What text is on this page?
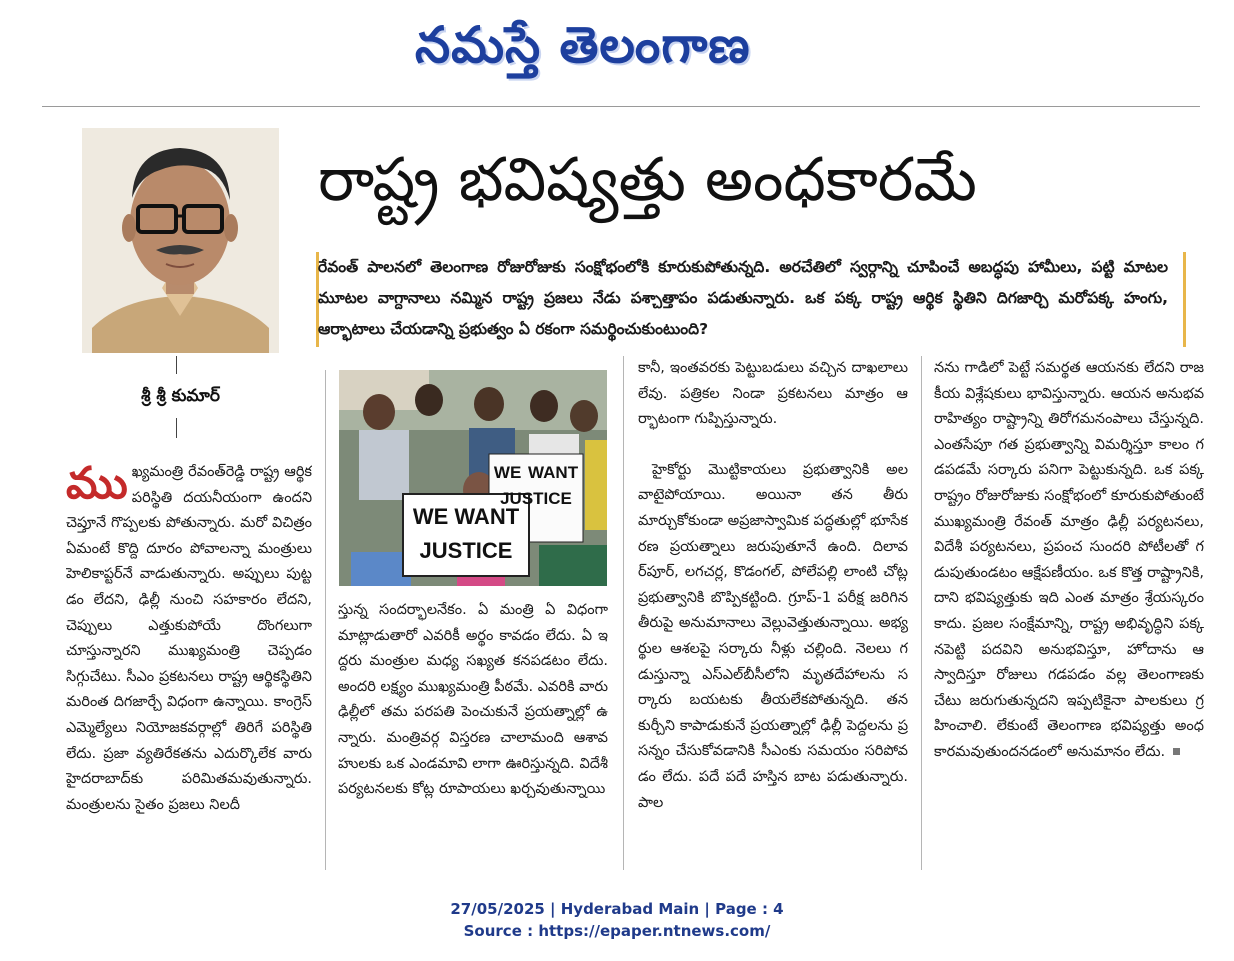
నమస్తే తెలంగాణ
రాష్ట్ర భవిష్యత్తు అంధకారమే
రేవంత్ పాలనలో తెలంగాణ రోజురోజుకు సంక్షోభంలోకి కూరుకుపోతున్నది. అరచేతిలో స్వర్గాన్ని చూపించే అబద్ధపు హామీలు, పట్టి మాటల మూటల వాగ్దానాలు నమ్మిన రాష్ట్ర ప్రజలు నేడు పశ్చాత్తాపం పడుతున్నారు. ఒక పక్క రాష్ట్ర ఆర్థిక స్థితిని దిగజార్చి మరోపక్క హంగు, ఆర్భాటాలు చేయడాన్ని ప్రభుత్వం ఏ రకంగా సమర్థించుకుంటుంది?
శ్రీ శ్రీ కుమార్
ము ఖ్యమంత్రి రేవంత్‌రెడ్డి రాష్ట్ర ఆర్థిక పరిస్థితి దయనీయంగా ఉందని చెప్తూనే గొప్పలకు పోతున్నారు. మరో విచిత్రం ఏమంటే కొద్ది దూరం పోవాలన్నా మంత్రులు హెలికాప్టర్‌నే వాడుతున్నారు. అప్పులు పుట్టడం లేదని, ఢిల్లీ నుంచి సహకారం లేదని, చెప్పులు ఎత్తుకుపోయే దొంగలుగా చూస్తున్నారని ముఖ్యమంత్రి చెప్పడం సిగ్గుచేటు. సీఎం ప్రకటనలు రాష్ట్ర ఆర్థికస్థితిని మరింత దిగజార్చే విధంగా ఉన్నాయి. కాంగ్రెస్ ఎమ్మెల్యేలు నియోజకవర్గాల్లో తిరిగే పరిస్థితి లేదు. ప్రజా వ్యతిరేకతను ఎదుర్కొలేక వారు హైదరాబాద్‌కు పరిమితమవుతున్నారు. మంత్రులను సైతం ప్రజలు నిలదీ
WE WANT JUSTICE
WE WANT JUSTICE
స్తున్న సందర్భాలనేకం. ఏ మంత్రి ఏ విధంగా మాట్లాడుతారో ఎవరికీ అర్థం కావడం లేదు. ఏ ఇద్దరు మంత్రుల మధ్య సఖ్యత కనపడటం లేదు. అందరి లక్ష్యం ముఖ్యమంత్రి పీఠమే. ఎవరికి వారు ఢిల్లీలో తమ పరపతి పెంచుకునే ప్రయత్నాల్లో ఉన్నారు. మంత్రివర్గ విస్తరణ చాలామంది ఆశావహులకు ఒక ఎండమావి లాగా ఊరిస్తున్నది. విదేశీ పర్యటనలకు కోట్ల రూపాయలు ఖర్చవుతున్నాయి

కానీ, ఇంతవరకు పెట్టుబడులు వచ్చిన దాఖలాలు లేవు. పత్రికల నిండా ప్రకటనలు మాత్రం ఆర్భాటంగా గుప్పిస్తున్నారు.

హైకోర్టు మొట్టికాయలు ప్రభుత్వానికి అలవాటైపోయాయి. అయినా తన తీరు మార్చుకోకుండా అప్రజాస్వామిక పద్ధతుల్లో భూసేకరణ ప్రయత్నాలు జరుపుతూనే ఉంది. దిలావర్‌పూర్, లగచర్ల, కొడంగల్, పోలేపల్లి లాంటి చోట్ల ప్రభుత్వానికి బొప్పికట్టింది. గ్రూప్-1 పరీక్ష జరిగిన తీరుపై అనుమానాలు వెల్లువెత్తుతున్నాయి. అభ్యర్థుల ఆశలపై సర్కారు నీళ్లు చల్లింది. నెలలు గడుస్తున్నా ఎస్‌ఎల్‌బీసీలోని మృతదేహాలను సర్కారు బయటకు తీయలేకపోతున్నది. తన కుర్చీని కాపాడుకునే ప్రయత్నాల్లో ఢిల్లీ పెద్దలను ప్రసన్నం చేసుకోవడానికి సీఎంకు సమయం సరిపోవడం లేదు. పదే పదే హస్తిన బాట పడుతున్నారు. పాల

నను గాడిలో పెట్టే సమర్థత ఆయనకు లేదని రాజకీయ విశ్లేషకులు భావిస్తున్నారు. ఆయన అనుభవరాహిత్యం రాష్ట్రాన్ని తిరోగమనంపాలు చేస్తున్నది. ఎంతసేపూ గత ప్రభుత్వాన్ని విమర్శిస్తూ కాలం గడపడమే సర్కారు పనిగా పెట్టుకున్నది. ఒక పక్క రాష్ట్రం రోజురోజుకు సంక్షోభంలో కూరుకుపోతుంటే ముఖ్యమంత్రి రేవంత్ మాత్రం ఢిల్లీ పర్యటనలు, విదేశీ పర్యటనలు, ప్రపంచ సుందరి పోటీలతో గడుపుతుండటం ఆక్షేపణీయం. ఒక కొత్త రాష్ట్రానికి, దాని భవిష్యత్తుకు ఇది ఎంత మాత్రం శ్రేయస్కరం కాదు. ప్రజల సంక్షేమాన్ని, రాష్ట్ర అభివృద్ధిని పక్కనపెట్టి పదవిని అనుభవిస్తూ, హోదాను ఆస్వాదిస్తూ రోజులు గడపడం వల్ల తెలంగాణకు చేటు జరుగుతున్నదని ఇప్పటికైనా పాలకులు గ్రహించాలి. లేకుంటే తెలంగాణ భవిష్యత్తు అంధకారమవుతుందనడంలో అనుమానం లేదు.
27/05/2025 | Hyderabad Main | Page : 4
Source : https://epaper.ntnews.com/
